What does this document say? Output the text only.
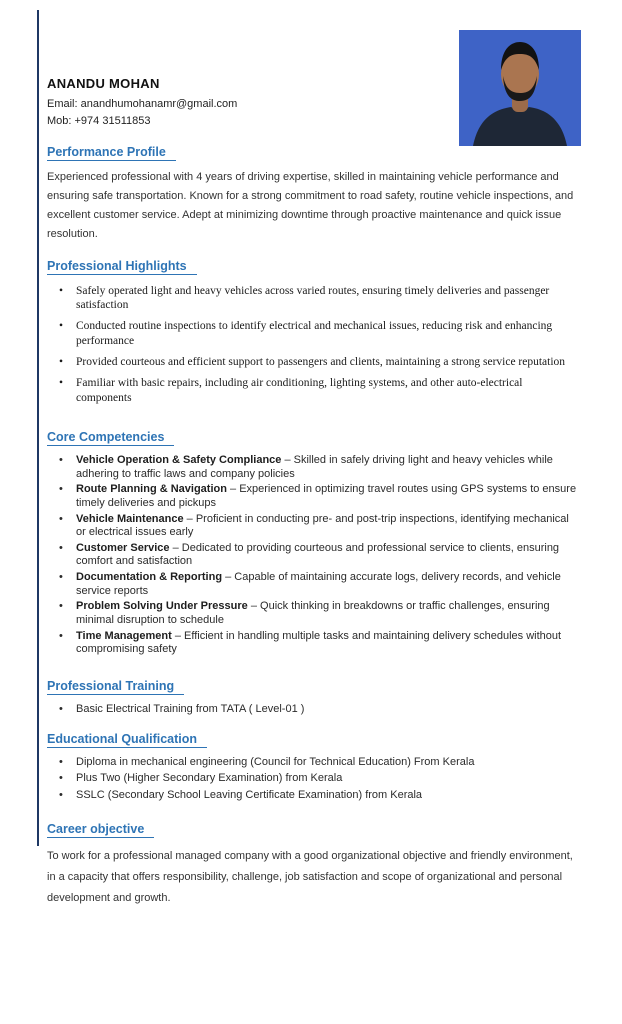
ANANDU MOHAN
Email: anandhumohanamr@gmail.com
Mob: +974 31511853
Performance Profile

Experienced professional with 4 years of driving expertise, skilled in maintaining vehicle performance and ensuring safe transportation. Known for a strong commitment to road safety, routine vehicle inspections, and excellent customer service. Adept at minimizing downtime through proactive maintenance and quick issue resolution.

Professional Highlights
• Safely operated light and heavy vehicles across varied routes, ensuring timely deliveries and passenger satisfaction
• Conducted routine inspections to identify electrical and mechanical issues, reducing risk and enhancing performance
• Provided courteous and efficient support to passengers and clients, maintaining a strong service reputation
• Familiar with basic repairs, including air conditioning, lighting systems, and other auto-electrical components
Core Competencies
• Vehicle Operation & Safety Compliance – Skilled in safely driving light and heavy vehicles while adhering to traffic laws and company policies
• Route Planning & Navigation – Experienced in optimizing travel routes using GPS systems to ensure timely deliveries and pickups
• Vehicle Maintenance – Proficient in conducting pre- and post-trip inspections, identifying mechanical or electrical issues early
• Customer Service – Dedicated to providing courteous and professional service to clients, ensuring comfort and satisfaction
• Documentation & Reporting – Capable of maintaining accurate logs, delivery records, and vehicle service reports
• Problem Solving Under Pressure – Quick thinking in breakdowns or traffic challenges, ensuring minimal disruption to schedule
• Time Management – Efficient in handling multiple tasks and maintaining delivery schedules without compromising safety
Professional Training
• Basic Electrical Training from TATA ( Level-01 )
Educational Qualification
• Diploma in mechanical engineering (Council for Technical Education) From Kerala
• Plus Two (Higher Secondary Examination) from Kerala
• SSLC (Secondary School Leaving Certificate Examination) from Kerala
Career objective

To work for a professional managed company with a good organizational objective and friendly environment, in a capacity that offers responsibility, challenge, job satisfaction and scope of organizational and personal development and growth.
